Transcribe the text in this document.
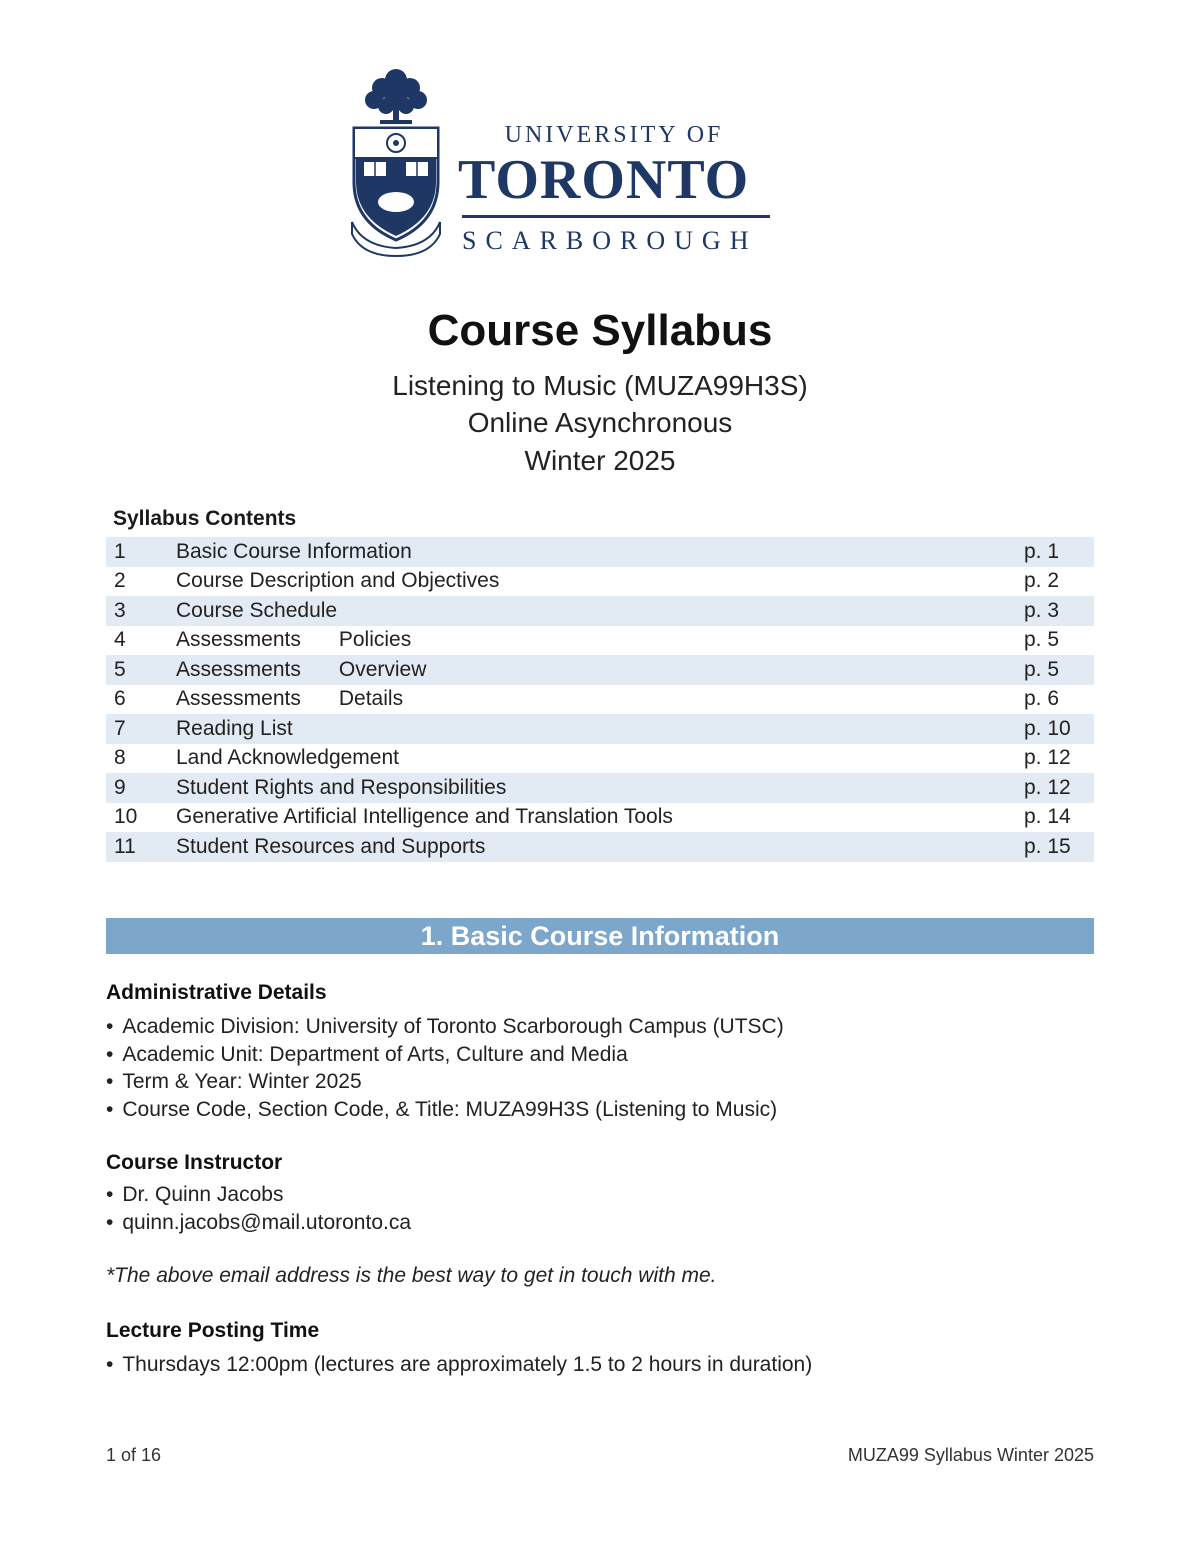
UNIVERSITY OF
TORONTO
SCARBOROUGH
Course Syllabus
Listening to Music (MUZA99H3S)
Online Asynchronous
Winter 2025
Syllabus Contents
1	Basic Course Information	p. 1
2	Course Description and Objectives	p. 2
3	Course Schedule	p. 3
4	Assessments Policies	p. 5
5	Assessments Overview	p. 5
6	Assessments Details	p. 6
7	Reading List	p. 10
8	Land Acknowledgement	p. 12
9	Student Rights and Responsibilities	p. 12
10	Generative Artificial Intelligence and Translation Tools	p. 14
11	Student Resources and Supports	p. 15
1. Basic Course Information
Administrative Details
• Academic Division: University of Toronto Scarborough Campus (UTSC)
• Academic Unit: Department of Arts, Culture and Media
• Term & Year: Winter 2025
• Course Code, Section Code, & Title: MUZA99H3S (Listening to Music)
Course Instructor
• Dr. Quinn Jacobs
• quinn.jacobs@mail.utoronto.ca
*The above email address is the best way to get in touch with me.
Lecture Posting Time
• Thursdays 12:00pm (lectures are approximately 1.5 to 2 hours in duration)
1 of 16	MUZA99 Syllabus Winter 2025
